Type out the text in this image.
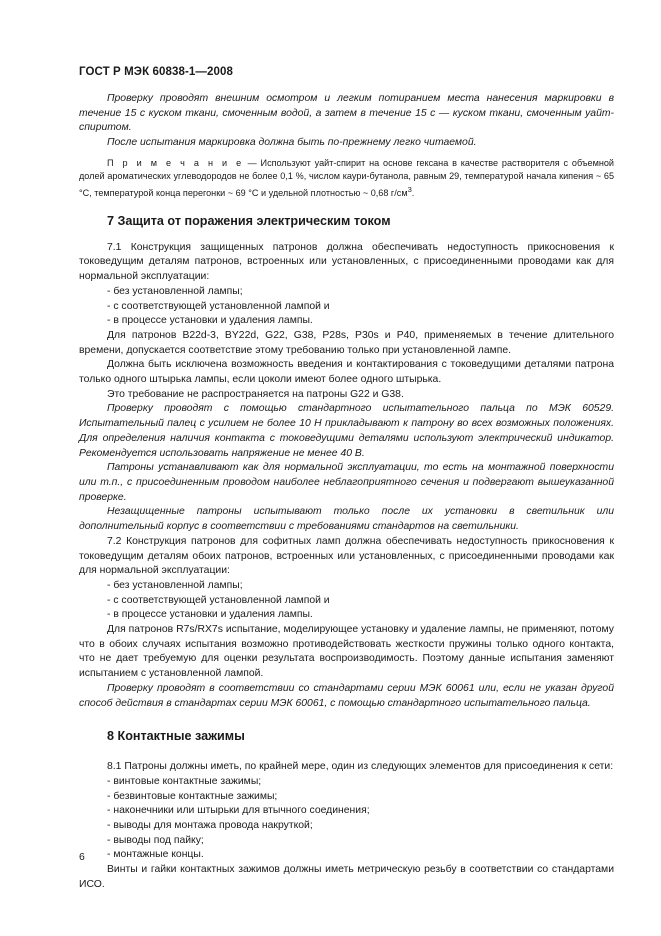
ГОСТ Р МЭК 60838-1—2008

Проверку проводят внешним осмотром и легким потиранием места нанесения маркировки в течение 15 с куском ткани, смоченным водой, а затем в течение 15 с — куском ткани, смоченным уайт-спиритом.

После испытания маркировка должна быть по-прежнему легко читаемой.

П р и м е ч а н и е — Используют уайт-спирит на основе гексана в качестве растворителя с объемной долей ароматических углеводородов не более 0,1 %, числом каури-бутанола, равным 29, температурой начала кипения ~ 65 °С, температурой конца перегонки ~ 69 °С и удельной плотностью ~ 0,68 $г/см^3$.

7 Защита от поражения электрическим током

7.1 Конструкция защищенных патронов должна обеспечивать недоступность прикосновения к токоведущим деталям патронов, встроенных или установленных, с присоединенными проводами как для нормальной эксплуатации:

- без установленной лампы;

- с соответствующей установленной лампой и

- в процессе установки и удаления лампы.

Для патронов B22d-3, BY22d, G22, G38, P28s, P30s и P40, применяемых в течение длительного времени, допускается соответствие этому требованию только при установленной лампе.

Должна быть исключена возможность введения и контактирования с токоведущими деталями патрона только одного штырька лампы, если цоколи имеют более одного штырька.

Это требование не распространяется на патроны G22 и G38.

Проверку проводят с помощью стандартного испытательного пальца по МЭК 60529. Испытательный палец с усилием не более 10 Н прикладывают к патрону во всех возможных положениях. Для определения наличия контакта с токоведущими деталями используют электрический индикатор. Рекомендуется использовать напряжение не менее 40 В.

Патроны устанавливают как для нормальной эксплуатации, то есть на монтажной поверхности или т.п., с присоединенным проводом наиболее неблагоприятного сечения и подвергают вышеуказанной проверке.

Незащищенные патроны испытывают только после их установки в светильник или дополнительный корпус в соответствии с требованиями стандартов на светильники.

7.2 Конструкция патронов для софитных ламп должна обеспечивать недоступность прикосновения к токоведущим деталям обоих патронов, встроенных или установленных, с присоединенными проводами как для нормальной эксплуатации:

- без установленной лампы;

- с соответствующей установленной лампой и

- в процессе установки и удаления лампы.

Для патронов R7s/RX7s испытание, моделирующее установку и удаление лампы, не применяют, потому что в обоих случаях испытания возможно противодействовать жесткости пружины только одного контакта, что не дает требуемую для оценки результата воспроизводимость. Поэтому данные испытания заменяют испытанием с установленной лампой.

Проверку проводят в соответствии со стандартами серии МЭК 60061 или, если не указан другой способ действия в стандартах серии МЭК 60061, с помощью стандартного испытательного пальца.

8 Контактные зажимы

8.1 Патроны должны иметь, по крайней мере, один из следующих элементов для присоединения к сети:

- винтовые контактные зажимы;

- безвинтовые контактные зажимы;

- наконечники или штырьки для втычного соединения;

- выводы для монтажа провода накруткой;

- выводы под пайку;

- монтажные концы.

Винты и гайки контактных зажимов должны иметь метрическую резьбу в соответствии со стандартами ИСО.

6
